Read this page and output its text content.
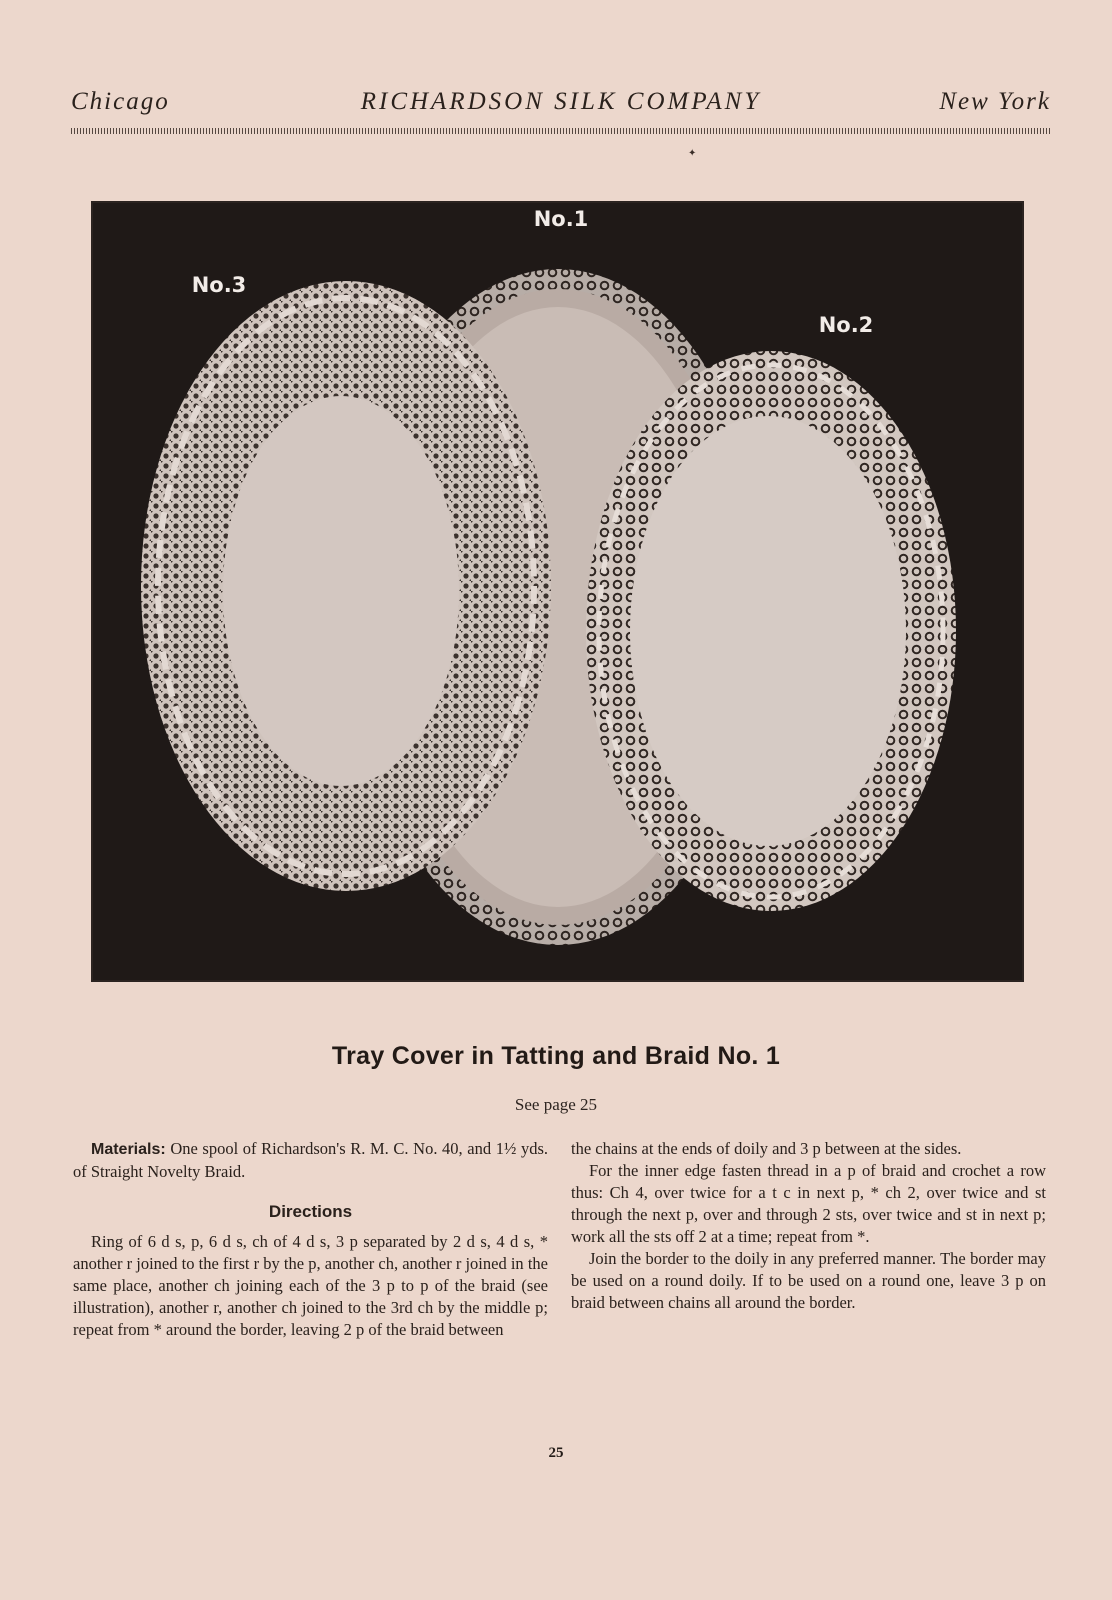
Chicago	RICHARDSON SILK COMPANY	New York
✦
No.1
No.2
No.3
Tray Cover in Tatting and Braid No. 1
See page 25

Materials: One spool of Richardson's R. M. C. No. 40, and 1½ yds. of Straight Novelty Braid.

Directions

Ring of 6 d s, p, 6 d s, ch of 4 d s, 3 p separated by 2 d s, 4 d s, * another r joined to the first r by the p, another ch, another r joined in the same place, another ch joining each of the 3 p to p of the braid (see illustration), another r, another ch joined to the 3rd ch by the middle p; repeat from * around the border, leaving 2 p of the braid between

the chains at the ends of doily and 3 p between at the sides.

For the inner edge fasten thread in a p of braid and crochet a row thus: Ch 4, over twice for a t c in next p, * ch 2, over twice and st through the next p, over and through 2 sts, over twice and st in next p; work all the sts off 2 at a time; repeat from *.

Join the border to the doily in any preferred manner. The border may be used on a round doily. If to be used on a round one, leave 3 p on braid between chains all around the border.

25
